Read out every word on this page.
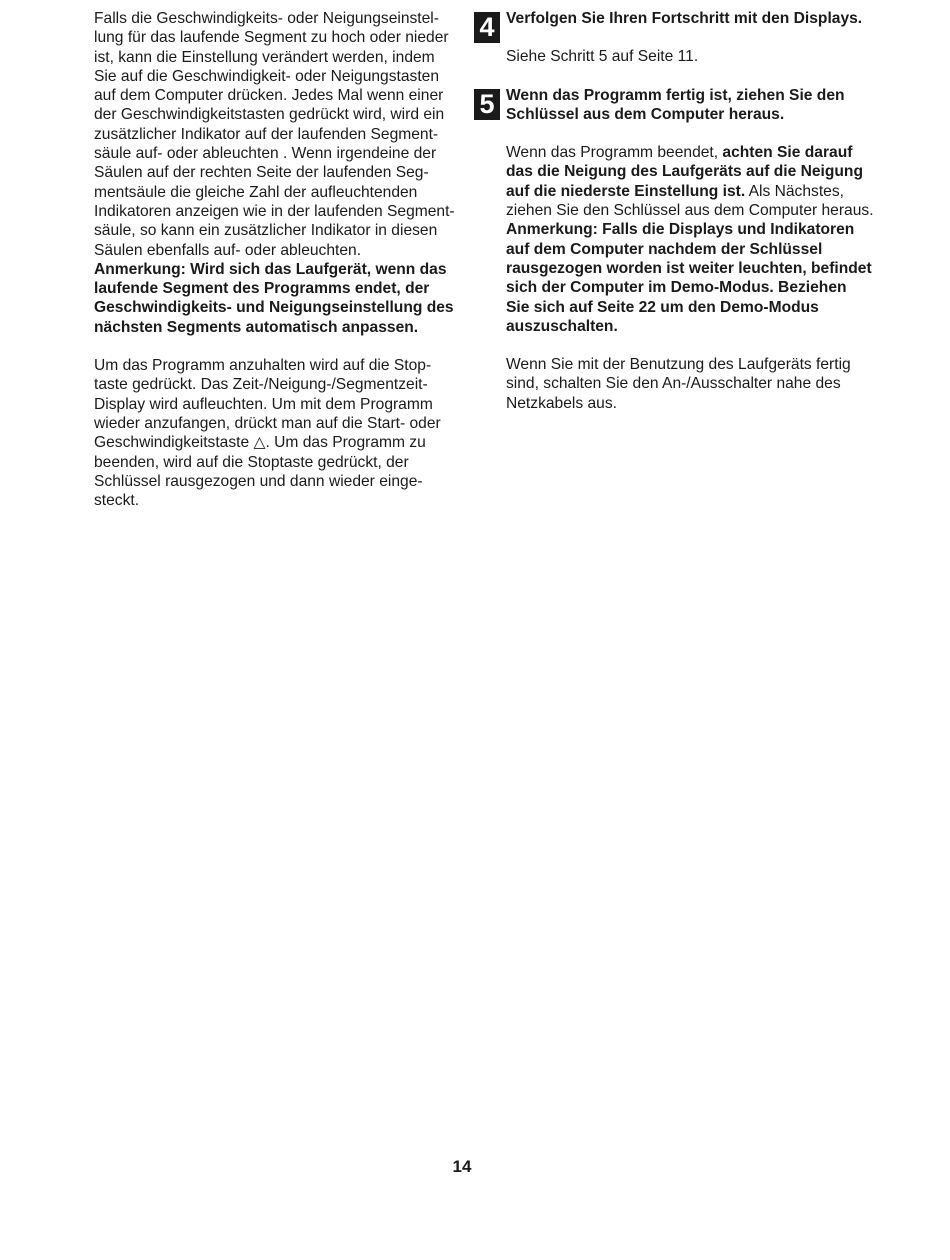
Falls die Geschwindigkeits- oder Neigungseinstel-lung für das laufende Segment zu hoch oder nieder ist, kann die Einstellung verändert werden, indem Sie auf die Geschwindigkeit- oder Neigungstasten auf dem Computer drücken. Jedes Mal wenn einer der Geschwindigkeitstasten gedrückt wird, wird ein zusätzlicher Indikator auf der laufenden Segment-säule auf- oder ableuchten . Wenn irgendeine der Säulen auf der rechten Seite der laufenden Seg-mentsäule die gleiche Zahl der aufleuchtenden Indikatoren anzeigen wie in der laufenden Segment-säule, so kann ein zusätzlicher Indikator in diesen Säulen ebenfalls auf- oder ableuchten.

Anmerkung: Wird sich das Laufgerät, wenn das laufende Segment des Programms endet, der Geschwindigkeits- und Neigungseinstellung des nächsten Segments automatisch anpassen.

Um das Programm anzuhalten wird auf die Stop-taste gedrückt. Das Zeit-/Neigung-/Segmentzeit-Display wird aufleuchten. Um mit dem Programm wieder anzufangen, drückt man auf die Start- oder Geschwindigkeitstaste △. Um das Programm zu beenden, wird auf die Stoptaste gedrückt, der Schlüssel rausgezogen und dann wieder einge-steckt.

4 Verfolgen Sie Ihren Fortschritt mit den Displays.

Siehe Schritt 5 auf Seite 11.

5 Wenn das Programm fertig ist, ziehen Sie den Schlüssel aus dem Computer heraus.

Wenn das Programm beendet, achten Sie darauf das die Neigung des Laufgeräts auf die Neigung auf die niederste Einstellung ist. Als Nächstes, ziehen Sie den Schlüssel aus dem Computer heraus. Anmerkung: Falls die Displays und Indikatoren auf dem Computer nachdem der Schlüssel rausgezogen worden ist weiter leuchten, befindet sich der Computer im Demo-Modus. Beziehen Sie sich auf Seite 22 um den Demo-Modus auszuschalten.

Wenn Sie mit der Benutzung des Laufgeräts fertig sind, schalten Sie den An-/Ausschalter nahe des Netzkabels aus.

14
